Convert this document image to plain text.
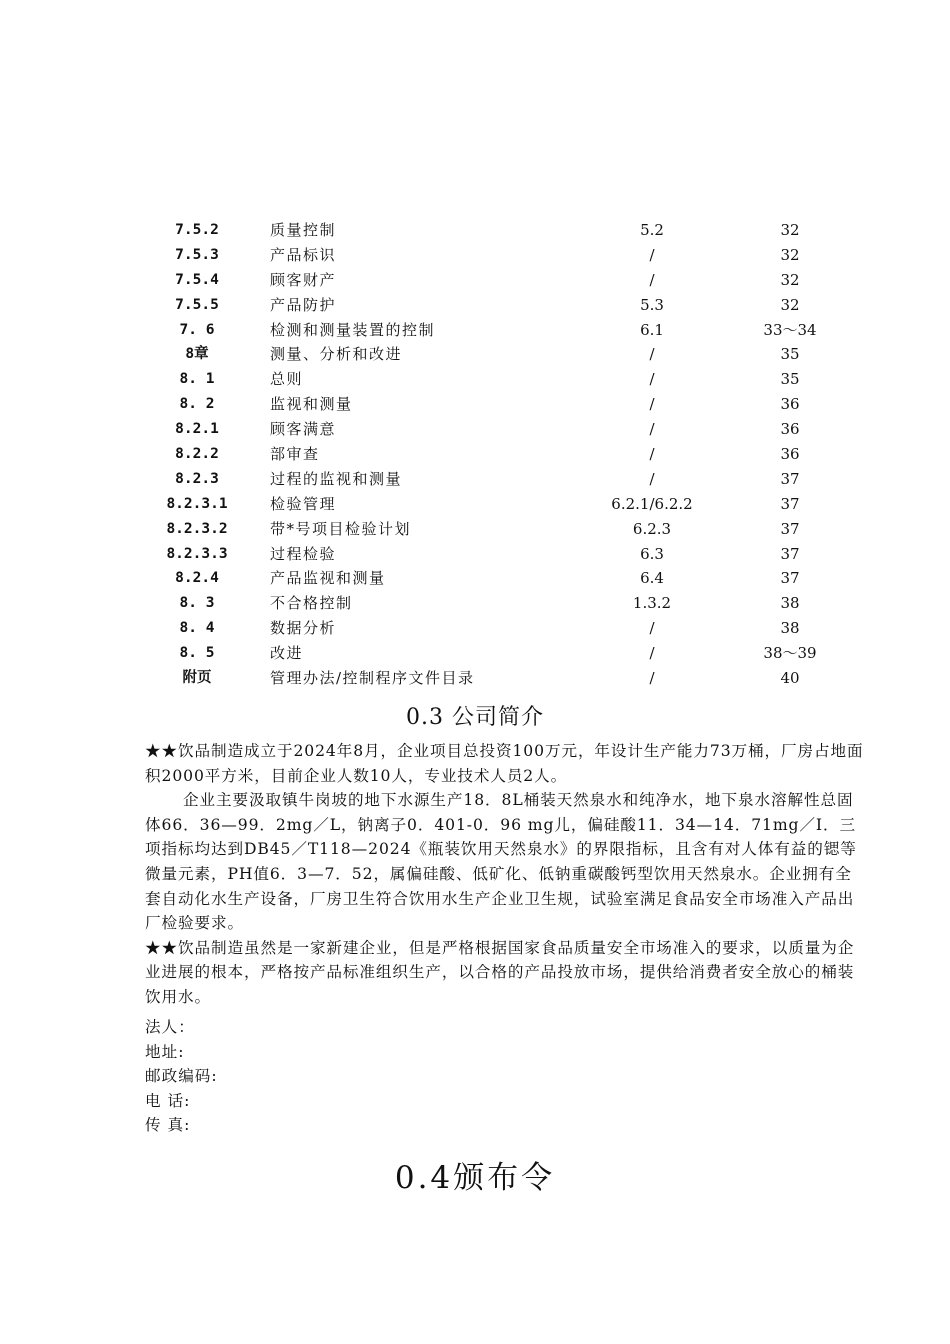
7.5.2	质量控制	5.2	32
7.5.3	产品标识	/	32
7.5.4	顾客财产	/	32
7.5.5	产品防护	5.3	32
7. 6	检测和测量装置的控制	6.1	33～34
8章	测量、分析和改进	/	35
8. 1	总则	/	35
8. 2	监视和测量	/	36
8.2.1	顾客满意	/	36
8.2.2	部审查	/	36
8.2.3	过程的监视和测量	/	37
8.2.3.1	检验管理	6.2.1/6.2.2	37
8.2.3.2	带*号项目检验计划	6.2.3	37
8.2.3.3	过程检验	6.3	37
8.2.4	产品监视和测量	6.4	37
8. 3	不合格控制	1.3.2	38
8. 4	数据分析	/	38
8. 5	改进	/	38～39
附页	管理办法/控制程序文件目录	/	40
0.3 公司简介

★★饮品制造成立于2024年8月，企业项目总投资100万元，年设计生产能力73万桶，厂房占地面积2000平方米，目前企业人数10人，专业技术人员2人。

企业主要汲取镇牛岗坡的地下水源生产18．8L桶装天然泉水和纯净水，地下泉水溶解性总固体66．36—99．2mg／L，钠离子0．401-0．96 mg儿，偏硅酸11．34—14．71mg／I．三项指标均达到DB45／T118—2024《瓶装饮用天然泉水》的界限指标，且含有对人体有益的锶等微量元素，PH值6．3—7．52，属偏硅酸、低矿化、低钠重碳酸钙型饮用天然泉水。企业拥有全套自动化水生产设备，厂房卫生符合饮用水生产企业卫生规，试验室满足食品安全市场准入产品出厂检验要求。

★★饮品制造虽然是一家新建企业，但是严格根据国家食品质量安全市场准入的要求，以质量为企业进展的根本，严格按产品标准组织生产，以合格的产品投放市场，提供给消费者安全放心的桶装饮用水。

法人：
地址:
邮政编码:
电 话:
传 真:
0.4颁布令
